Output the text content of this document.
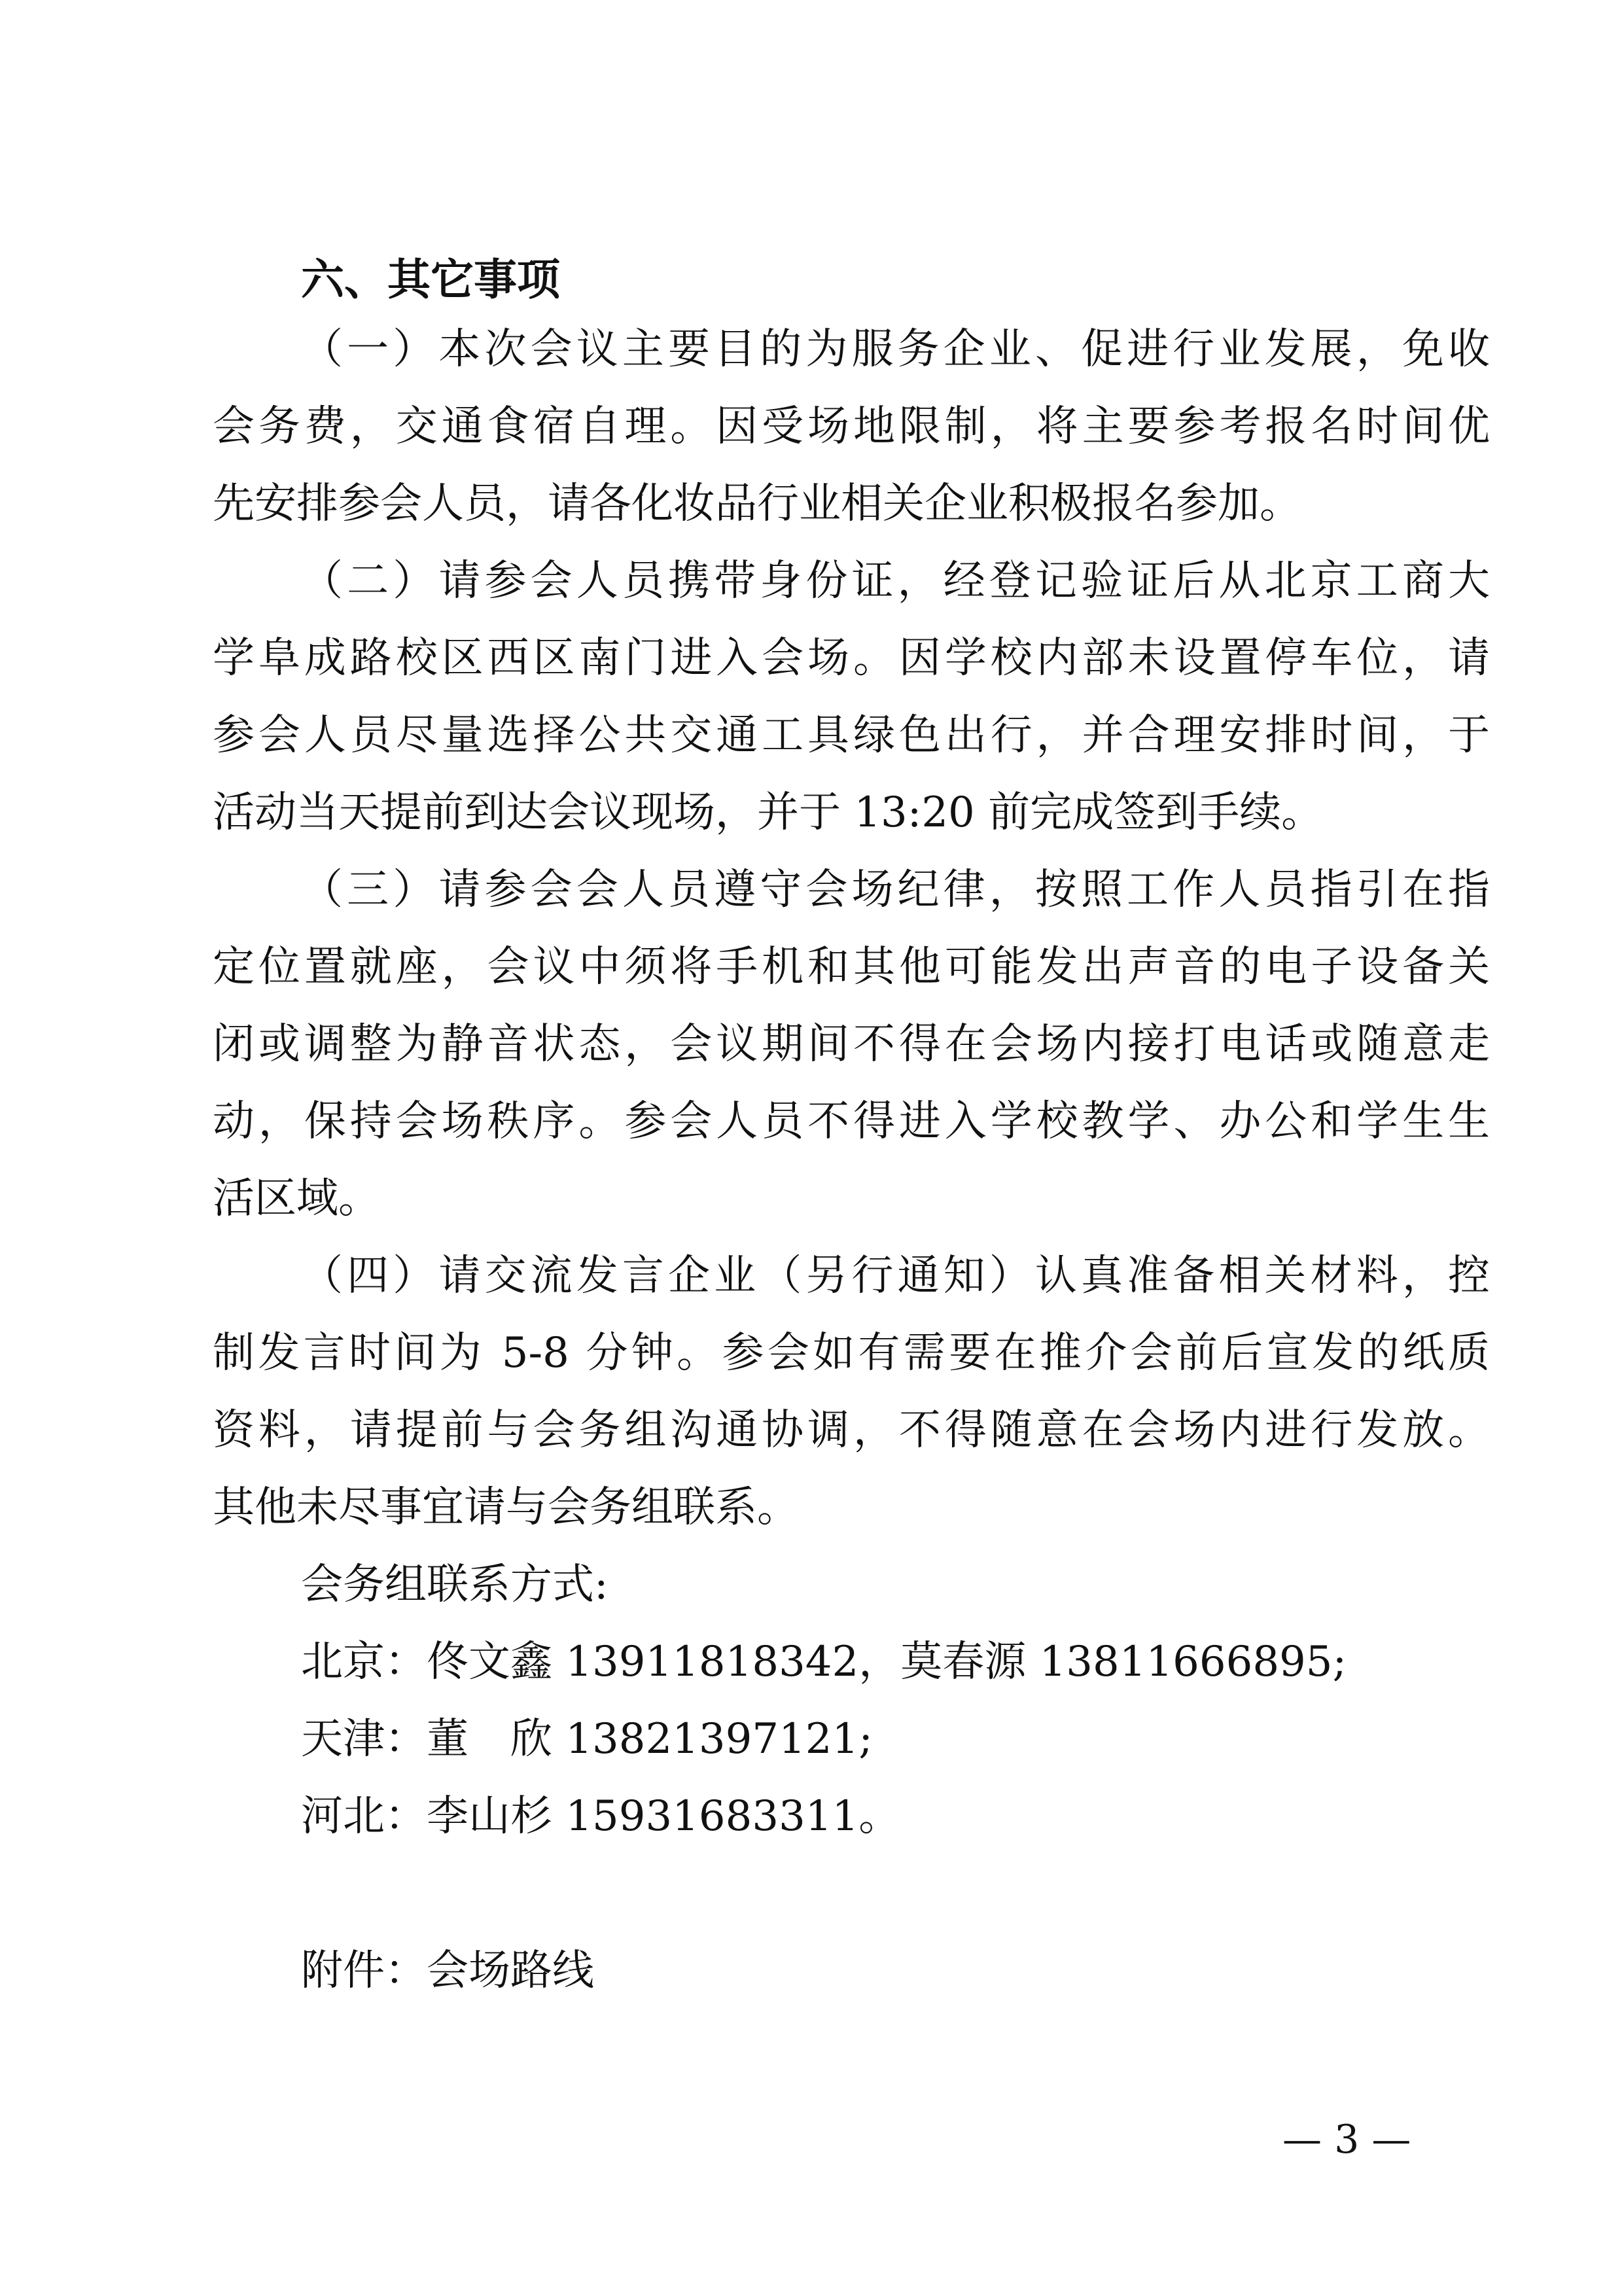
六、其它事项

（一）本次会议主要目的为服务企业、促进行业发展，免收

会务费，交通食宿自理。因受场地限制，将主要参考报名时间优

先安排参会人员，请各化妆品行业相关企业积极报名参加。

（二）请参会人员携带身份证，经登记验证后从北京工商大

学阜成路校区西区南门进入会场。因学校内部未设置停车位，请

参会人员尽量选择公共交通工具绿色出行，并合理安排时间，于

活动当天提前到达会议现场，并于 13:20 前完成签到手续。

（三）请参会会人员遵守会场纪律，按照工作人员指引在指

定位置就座，会议中须将手机和其他可能发出声音的电子设备关

闭或调整为静音状态，会议期间不得在会场内接打电话或随意走

动，保持会场秩序。参会人员不得进入学校教学、办公和学生生

活区域。

（四）请交流发言企业（另行通知）认真准备相关材料，控

制发言时间为 5-8 分钟。参会如有需要在推介会前后宣发的纸质

资料，请提前与会务组沟通协调，不得随意在会场内进行发放。

其他未尽事宜请与会务组联系。

会务组联系方式:

北京：佟文鑫 13911818342，莫春源 13811666895;

天津：董　欣 13821397121;

河北：李山杉 15931683311。

附件：会场路线

— 3 —
